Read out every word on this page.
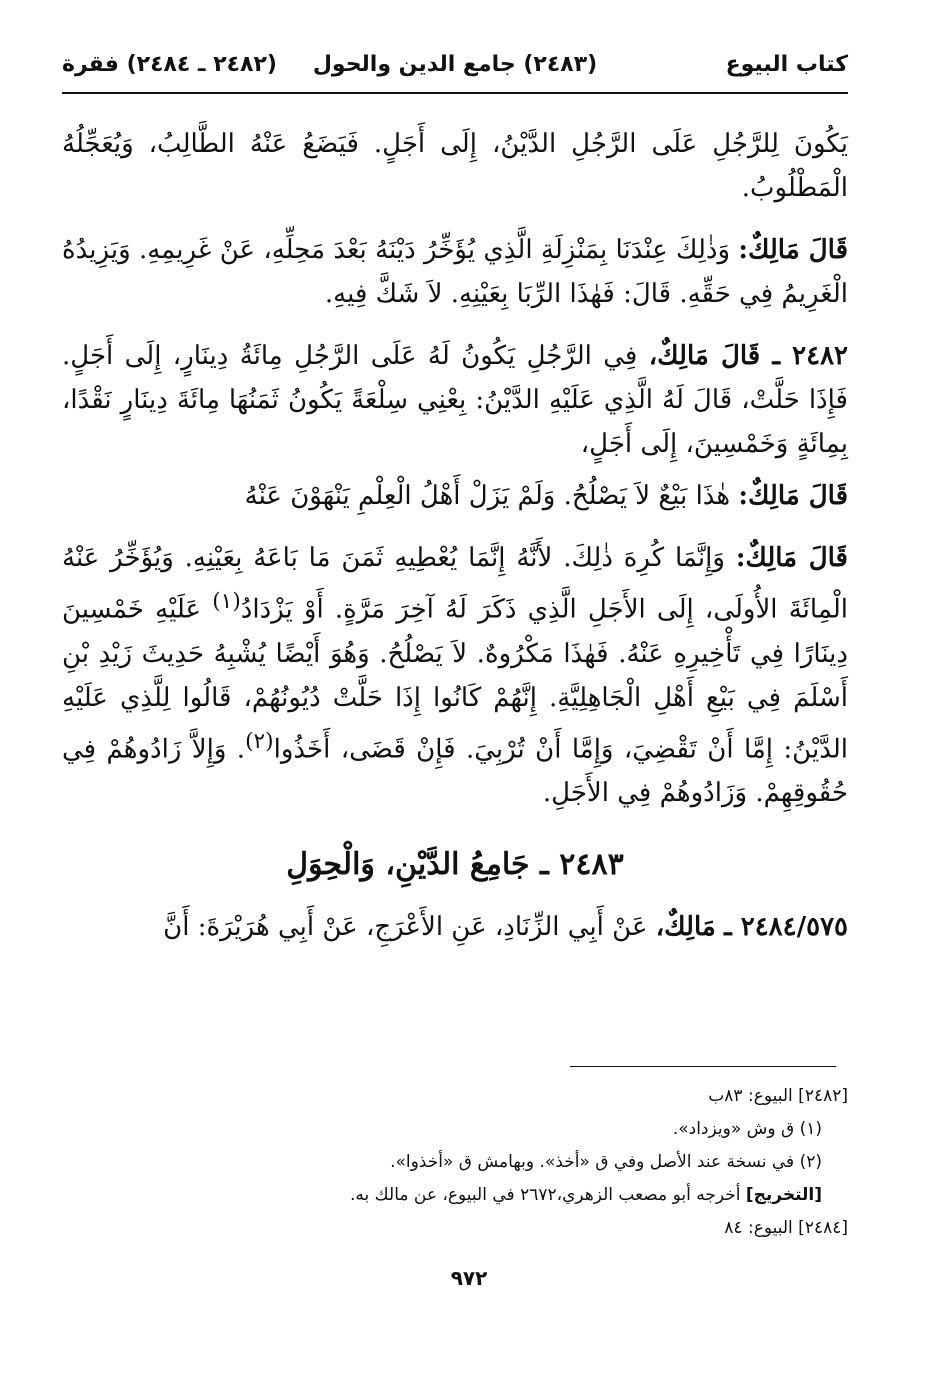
كتاب البيوع
(٢٤٨٣) جامع الدين والحول
(٢٤٨٢ ـ ٢٤٨٤) فقرة

يَكُونَ لِلرَّجُلِ عَلَى الرَّجُلِ الدَّيْنُ، إِلَى أَجَلٍ. فَيَضَعُ عَنْهُ الطَّالِبُ، وَيُعَجِّلُهُ الْمَطْلُوبُ.

قَالَ مَالِكٌ: وَذٰلِكَ عِنْدَنَا بِمَنْزِلَةِ الَّذِي يُؤَخِّرُ دَيْنَهُ بَعْدَ مَحِلِّهِ، عَنْ غَرِيمِهِ. وَيَزِيدُهُ الْغَرِيمُ فِي حَقِّهِ. قَالَ: فَهٰذَا الرِّبَا بِعَيْنِهِ. لاَ شَكَّ فِيهِ.

٢٤٨٢ ـ قَالَ مَالِكٌ، فِي الرَّجُلِ يَكُونُ لَهُ عَلَى الرَّجُلِ مِائَةُ دِينَارٍ، إِلَى أَجَلٍ. فَإِذَا حَلَّتْ، قَالَ لَهُ الَّذِي عَلَيْهِ الدَّيْنُ: بِعْنِي سِلْعَةً يَكُونُ ثَمَنُهَا مِائَةَ دِينَارٍ نَقْدًا، بِمِائَةٍ وَخَمْسِينَ، إِلَى أَجَلٍ،

قَالَ مَالِكٌ: هٰذَا بَيْعٌ لاَ يَصْلُحُ. وَلَمْ يَزَلْ أَهْلُ الْعِلْمِ يَنْهَوْنَ عَنْهُ

قَالَ مَالِكٌ: وَإِنَّمَا كُرِهَ ذٰلِكَ. لأَنَّهُ إِنَّمَا يُعْطِيهِ ثَمَنَ مَا بَاعَهُ بِعَيْنِهِ. وَيُؤَخِّرُ عَنْهُ الْمِائَةَ الأُولَى، إِلَى الأَجَلِ الَّذِي ذَكَرَ لَهُ آخِرَ مَرَّةٍ. أَوْ يَزْدَادُ$^{(١)}$ عَلَيْهِ خَمْسِينَ دِينَارًا فِي تَأْخِيرِهِ عَنْهُ. فَهٰذَا مَكْرُوهٌ. لاَ يَصْلُحُ. وَهُوَ أَيْضًا يُشْبِهُ حَدِيثَ زَيْدِ بْنِ أَسْلَمَ فِي بَيْعِ أَهْلِ الْجَاهِلِيَّةِ. إِنَّهُمْ كَانُوا إِذَا حَلَّتْ دُيُونُهُمْ، قَالُوا لِلَّذِي عَلَيْهِ الدَّيْنُ: إِمَّا أَنْ تَقْضِيَ، وَإِمَّا أَنْ تُرْبِيَ. فَإِنْ قَضَى، أَخَذُوا$^{(٢)}$. وَإِلاَّ زَادُوهُمْ فِي حُقُوقِهِمْ. وَزَادُوهُمْ فِي الأَجَلِ.

٢٤٨٣ ـ جَامِعُ الدَّيْنِ، وَالْحِوَلِ

٢٤٨٤/٥٧٥ ـ مَالِكٌ، عَنْ أَبِي الزِّنَادِ، عَنِ الأَعْرَجِ، عَنْ أَبِي هُرَيْرَةَ: أَنَّ

[٢٤٨٢] البيوع: ٨٣ب
(١) ق وش «ويزداد».
(٢) في نسخة عند الأصل وفي ق «أخذ». وبهامش ق «أخذوا».
[التخريج] أخرجه أبو مصعب الزهري،٢٦٧٢ في البيوع، عن مالك به.
[٢٤٨٤] البيوع: ٨٤
٩٧٢
